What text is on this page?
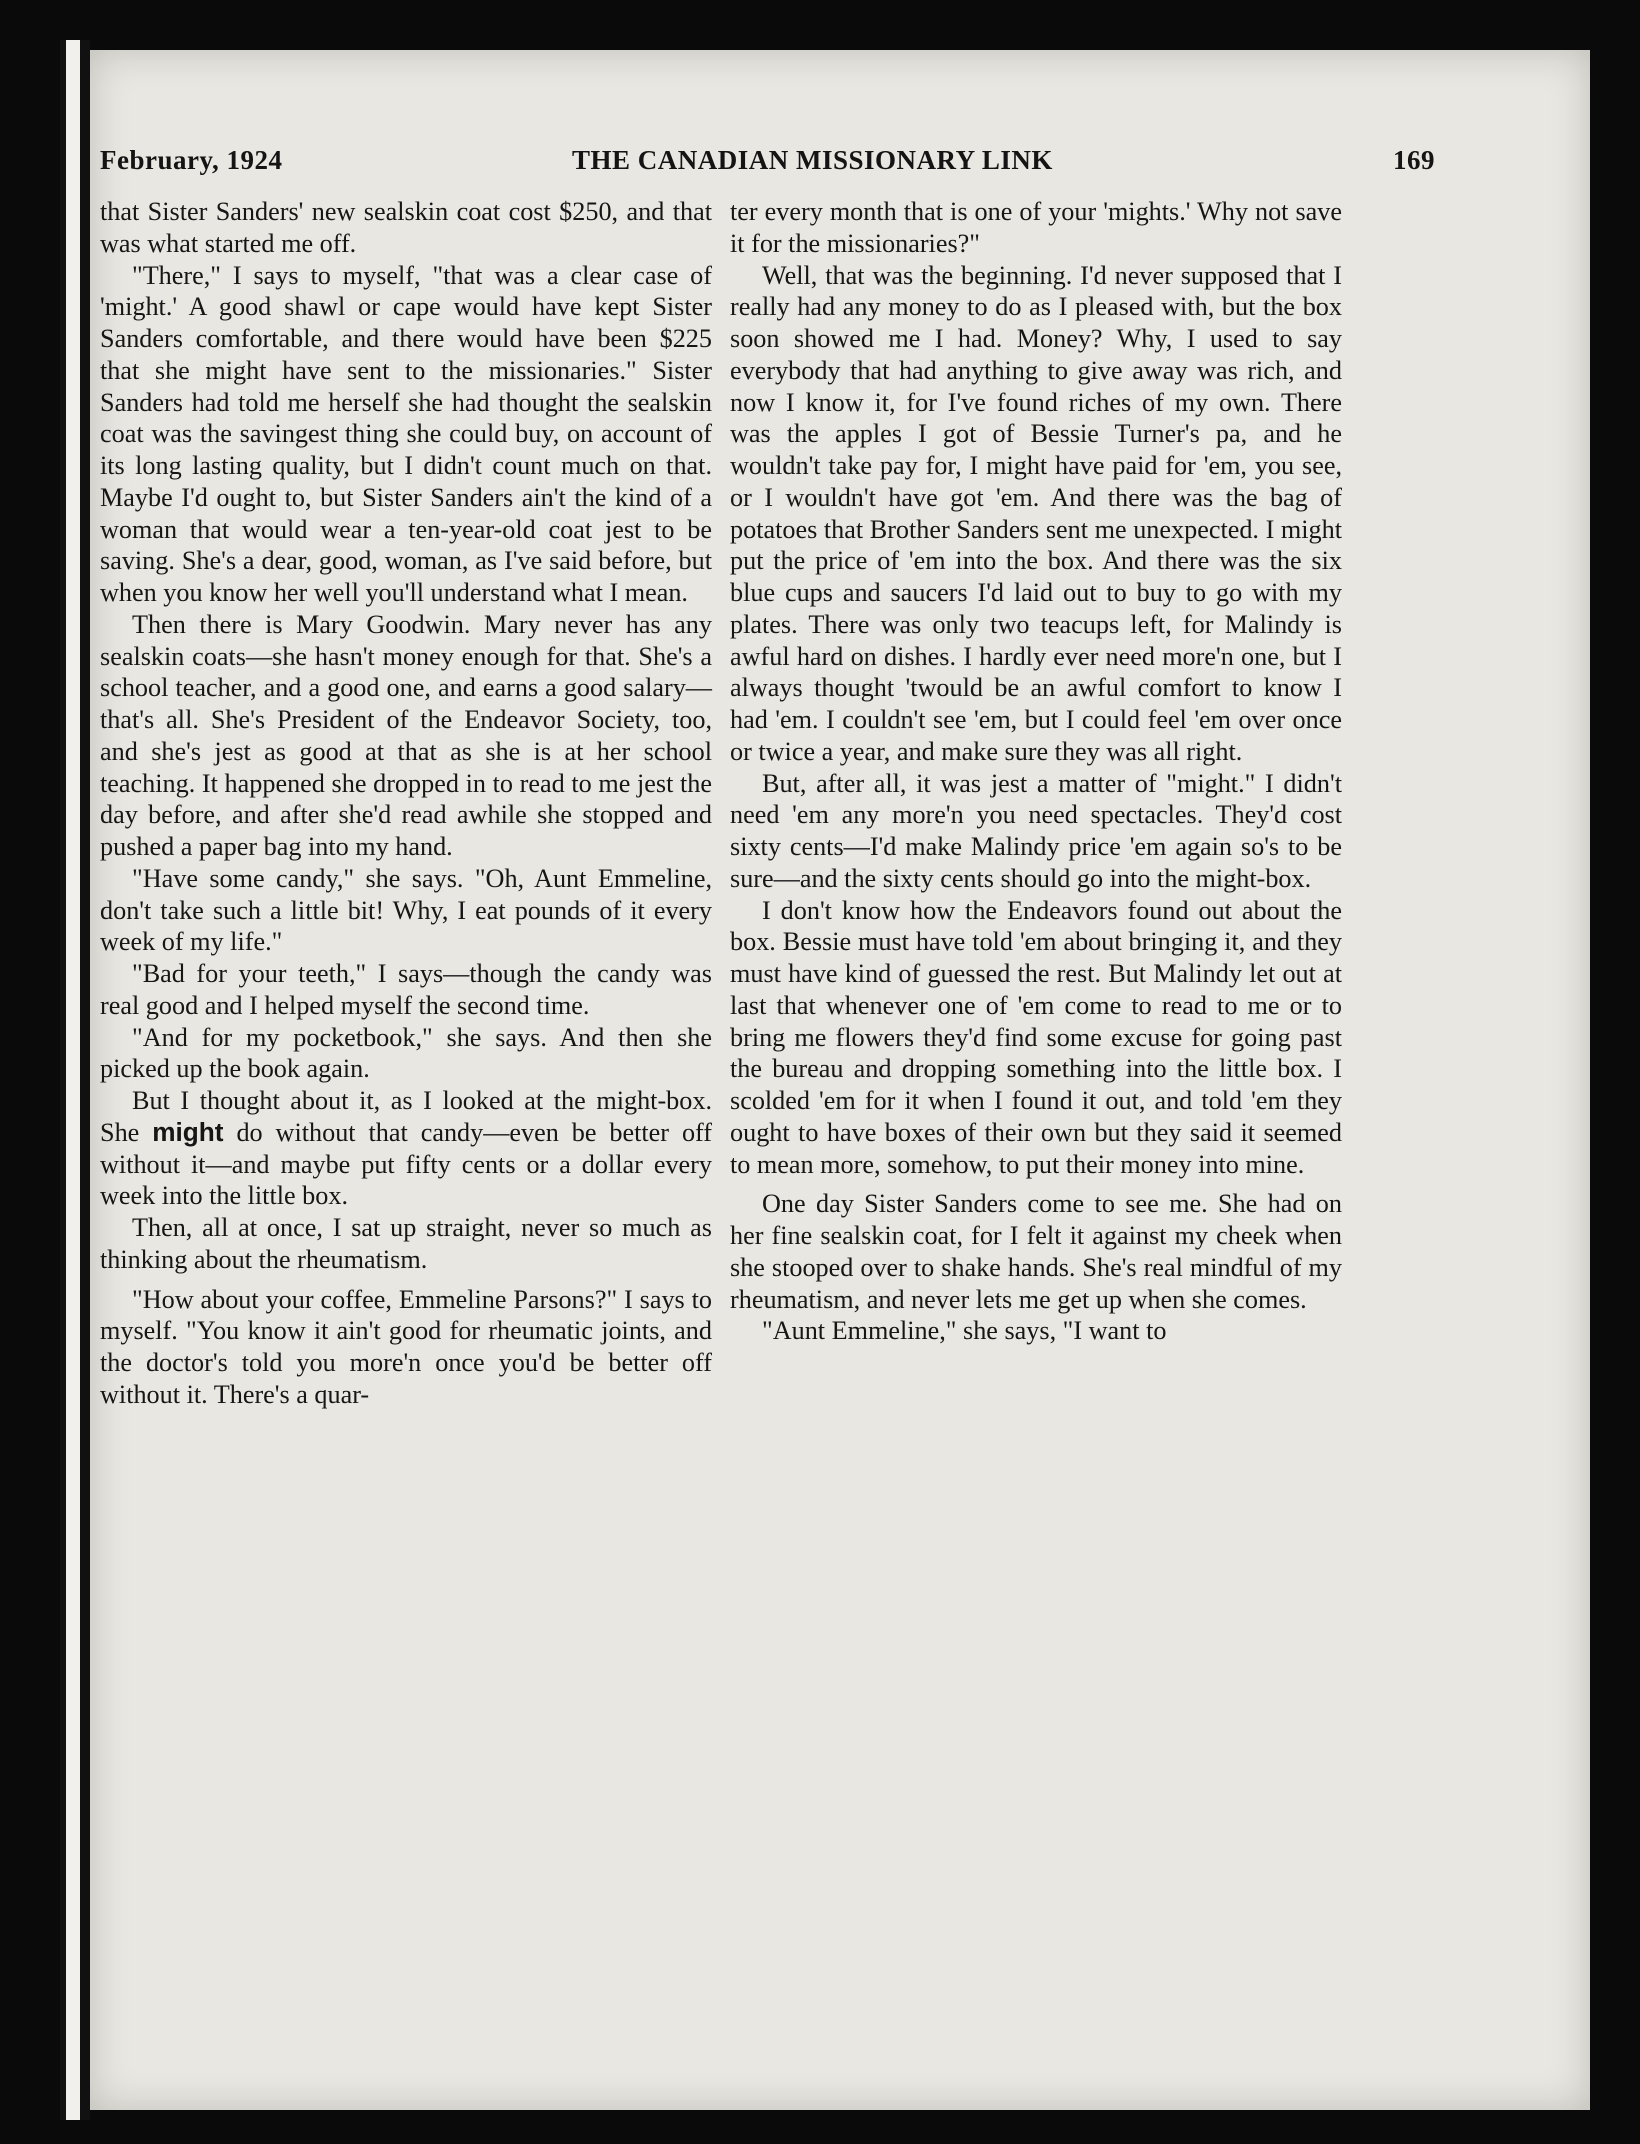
February, 1924	THE CANADIAN MISSIONARY LINK	169

that Sister Sanders' new sealskin coat cost $250, and that was what started me off.

"There," I says to myself, "that was a clear case of 'might.' A good shawl or cape would have kept Sister Sanders comfortable, and there would have been $225 that she might have sent to the missionaries." Sister Sanders had told me herself she had thought the sealskin coat was the savingest thing she could buy, on account of its long lasting quality, but I didn't count much on that. Maybe I'd ought to, but Sister Sanders ain't the kind of a woman that would wear a ten-year-old coat jest to be saving. She's a dear, good, woman, as I've said before, but when you know her well you'll understand what I mean.

Then there is Mary Goodwin. Mary never has any sealskin coats—she hasn't money enough for that. She's a school teacher, and a good one, and earns a good salary—that's all. She's President of the Endeavor Society, too, and she's jest as good at that as she is at her school teaching. It happened she dropped in to read to me jest the day before, and after she'd read awhile she stopped and pushed a paper bag into my hand.

"Have some candy," she says. "Oh, Aunt Emmeline, don't take such a little bit! Why, I eat pounds of it every week of my life."

"Bad for your teeth," I says—though the candy was real good and I helped myself the second time.

"And for my pocketbook," she says. And then she picked up the book again.

But I thought about it, as I looked at the might-box. She might do without that candy—even be better off without it—and maybe put fifty cents or a dollar every week into the little box.

Then, all at once, I sat up straight, never so much as thinking about the rheumatism.

"How about your coffee, Emmeline Parsons?" I says to myself. "You know it ain't good for rheumatic joints, and the doctor's told you more'n once you'd be better off without it. There's a quar-

ter every month that is one of your 'mights.' Why not save it for the missionaries?"

Well, that was the beginning. I'd never supposed that I really had any money to do as I pleased with, but the box soon showed me I had. Money? Why, I used to say everybody that had anything to give away was rich, and now I know it, for I've found riches of my own. There was the apples I got of Bessie Turner's pa, and he wouldn't take pay for, I might have paid for 'em, you see, or I wouldn't have got 'em. And there was the bag of potatoes that Brother Sanders sent me unexpected. I might put the price of 'em into the box. And there was the six blue cups and saucers I'd laid out to buy to go with my plates. There was only two teacups left, for Malindy is awful hard on dishes. I hardly ever need more'n one, but I always thought 'twould be an awful comfort to know I had 'em. I couldn't see 'em, but I could feel 'em over once or twice a year, and make sure they was all right.

But, after all, it was jest a matter of "might." I didn't need 'em any more'n you need spectacles. They'd cost sixty cents—I'd make Malindy price 'em again so's to be sure—and the sixty cents should go into the might-box.

I don't know how the Endeavors found out about the box. Bessie must have told 'em about bringing it, and they must have kind of guessed the rest. But Malindy let out at last that whenever one of 'em come to read to me or to bring me flowers they'd find some excuse for going past the bureau and dropping something into the little box. I scolded 'em for it when I found it out, and told 'em they ought to have boxes of their own but they said it seemed to mean more, somehow, to put their money into mine.

One day Sister Sanders come to see me. She had on her fine sealskin coat, for I felt it against my cheek when she stooped over to shake hands. She's real mindful of my rheumatism, and never lets me get up when she comes.

"Aunt Emmeline," she says, "I want to
